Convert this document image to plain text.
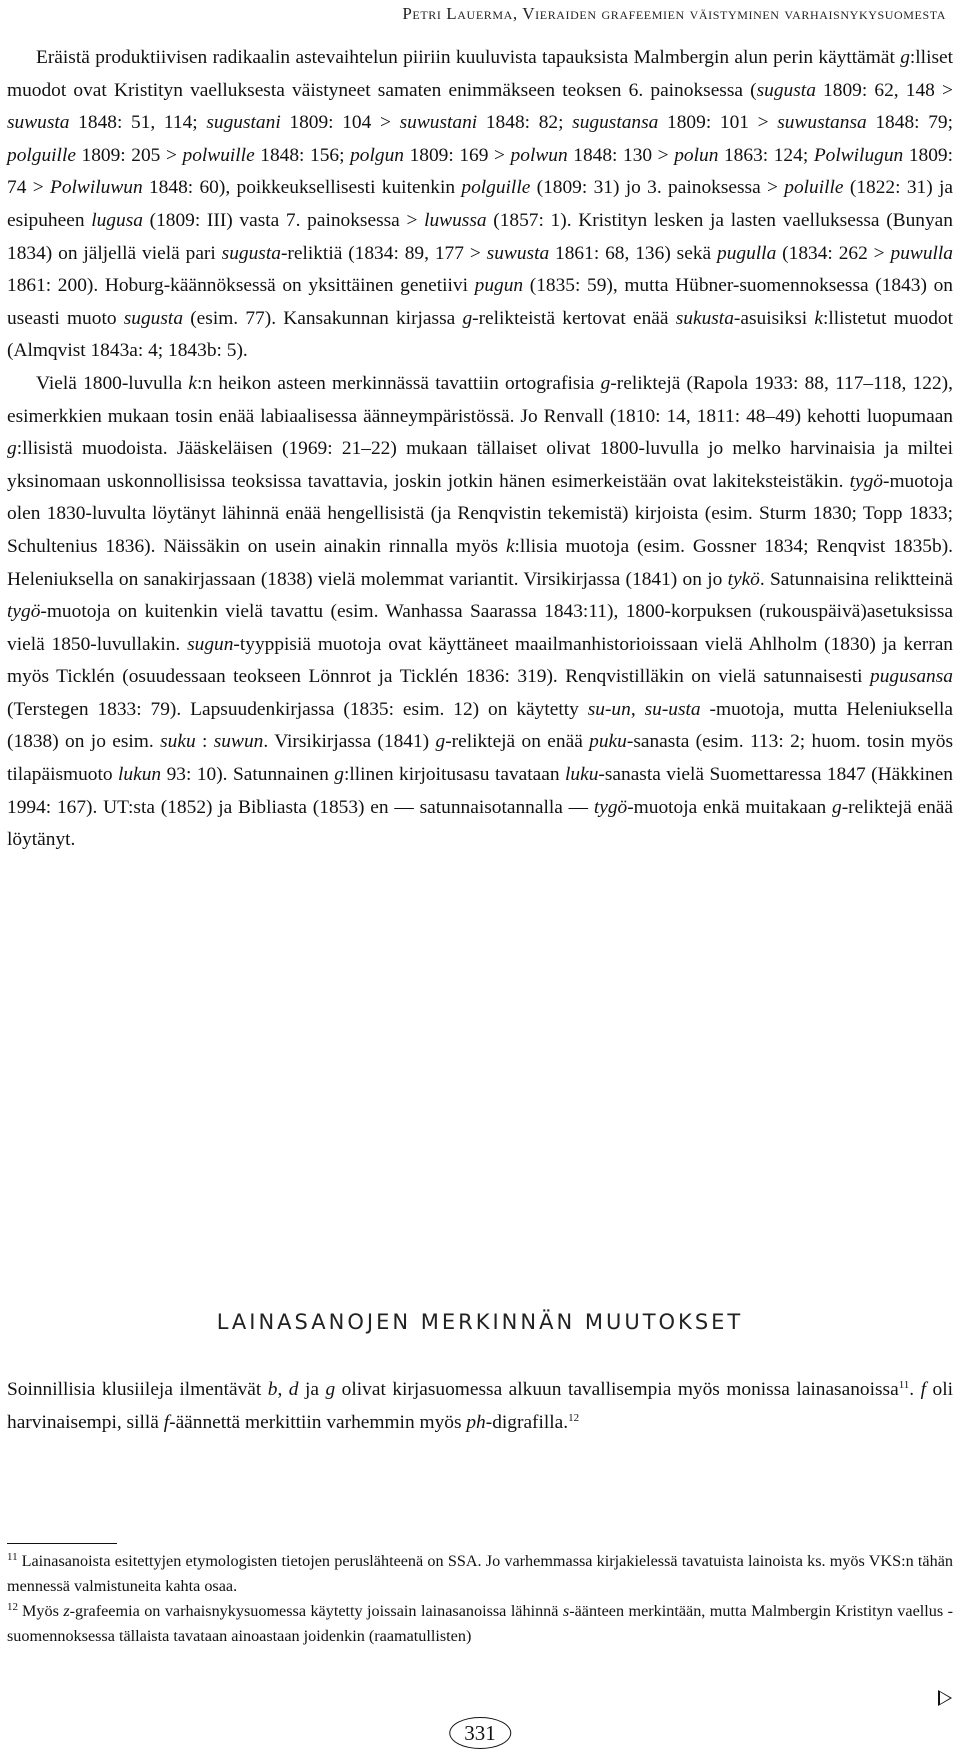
Petri Lauerma, Vieraiden grafeemien väistyminen varhaisnykysuomesta

Eräistä produktiivisen radikaalin astevaihtelun piiriin kuuluvista tapauksista Malmbergin alun perin käyttämät g:lliset muodot ovat Kristityn vaelluksesta väistyneet samaten enimmäkseen teoksen 6. painoksessa (sugusta 1809: 62, 148 > suwusta 1848: 51, 114; sugustani 1809: 104 > suwustani 1848: 82; sugustansa 1809: 101 > suwustansa 1848: 79; polguille 1809: 205 > polwuille 1848: 156; polgun 1809: 169 > polwun 1848: 130 > polun 1863: 124; Polwilugun 1809: 74 > Polwiluwun 1848: 60), poikkeuksellisesti kuitenkin polguille (1809: 31) jo 3. painoksessa > poluille (1822: 31) ja esipuheen lugusa (1809: III) vasta 7. painoksessa > luwussa (1857: 1). Kristityn lesken ja lasten vaelluksessa (Bunyan 1834) on jäljellä vielä pari sugusta-reliktiä (1834: 89, 177 > suwusta 1861: 68, 136) sekä pugulla (1834: 262 > puwulla 1861: 200). Hoburg-käännöksessä on yksittäinen genetiivi pugun (1835: 59), mutta Hübner-suomennoksessa (1843) on useasti muoto sugusta (esim. 77). Kansakunnan kirjassa g-relikteistä kertovat enää sukusta-asuisiksi k:llistetut muodot (Almqvist 1843a: 4; 1843b: 5).

Vielä 1800-luvulla k:n heikon asteen merkinnässä tavattiin ortografisia g-reliktejä (Rapola 1933: 88, 117–118, 122), esimerkkien mukaan tosin enää labiaalisessa äänneympäristössä. Jo Renvall (1810: 14, 1811: 48–49) kehotti luopumaan g:llisistä muodoista. Jääskeläisen (1969: 21–22) mukaan tällaiset olivat 1800-luvulla jo melko harvinaisia ja miltei yksinomaan uskonnollisissa teoksissa tavattavia, joskin jotkin hänen esimerkeistään ovat lakiteksteistäkin. tygö-muotoja olen 1830-luvulta löytänyt lähinnä enää hengellisistä (ja Renqvistin tekemistä) kirjoista (esim. Sturm 1830; Topp 1833; Schultenius 1836). Näissäkin on usein ainakin rinnalla myös k:llisia muotoja (esim. Gossner 1834; Renqvist 1835b). Heleniuksella on sanakirjassaan (1838) vielä molemmat variantit. Virsikirjassa (1841) on jo tykö. Satunnaisina reliktteinä tygö-muotoja on kuitenkin vielä tavattu (esim. Wanhassa Saarassa 1843:11), 1800-korpuksen (rukouspäivä)asetuksissa vielä 1850-luvullakin. sugun-tyyppisiä muotoja ovat käyttäneet maailmanhistorioissaan vielä Ahlholm (1830) ja kerran myös Ticklén (osuudessaan teokseen Lönnrot ja Ticklén 1836: 319). Renqvistilläkin on vielä satunnaisesti pugusansa (Terstegen 1833: 79). Lapsuudenkirjassa (1835: esim. 12) on käytetty su-un, su-usta -muotoja, mutta Heleniuksella (1838) on jo esim. suku : suwun. Virsikirjassa (1841) g-reliktejä on enää puku-sanasta (esim. 113: 2; huom. tosin myös tilapäismuoto lukun 93: 10). Satunnainen g:llinen kirjoitusasu tavataan luku-sanasta vielä Suomettaressa 1847 (Häkkinen 1994: 167). UT:sta (1852) ja Bibliasta (1853) en — satunnaisotannalla — tygö-muotoja enkä muitakaan g-reliktejä enää löytänyt.

LAINASANOJEN MERKINNÄN MUUTOKSET

Soinnillisia klusiileja ilmentävät b, d ja g olivat kirjasuomessa alkuun tavallisempia myös monissa lainasanoissa$^{11}$. f oli harvinaisempi, sillä f-äännettä merkittiin varhemmin myös ph-digrafilla.$^{12}$

$^{11}$ Lainasanoista esitettyjen etymologisten tietojen peruslähteenä on SSA. Jo varhemmassa kirjakielessä tavatuista lainoista ks. myös VKS:n tähän mennessä valmistuneita kahta osaa.

$^{12}$ Myös z-grafeemia on varhaisnykysuomessa käytetty joissain lainasanoissa lähinnä s-äänteen merkintään, mutta Malmbergin Kristityn vaellus -suomennoksessa tällaista tavataan ainoastaan joidenkin (raamatullisten)

331
